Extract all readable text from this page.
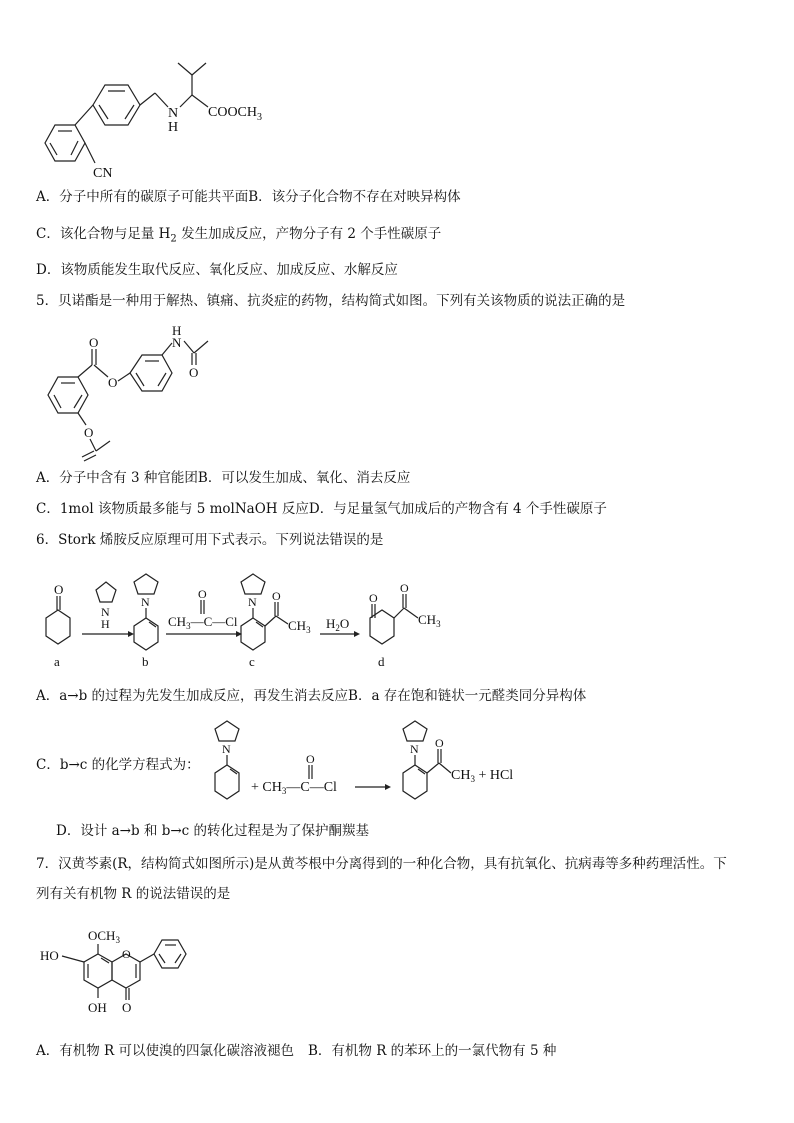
CN
N
H
$COOCH_3$
A．分子中所有的碳原子可能共平面B．该分子化合物不存在对映异构体
C．该化合物与足量 $H_2$ 发生加成反应，产物分子有 2 个手性碳原子
D．该物质能发生取代反应、氧化反应、加成反应、水解反应
5．贝诺酯是一种用于解热、镇痛、抗炎症的药物，结构简式如图。下列有关该物质的说法正确的是
O
O
H
N
O
O
A．分子中含有 3 种官能团B．可以发生加成、氧化、消去反应
C．1mol 该物质最多能与 5 molNaOH 反应D．与足量氢气加成后的产物含有 4 个手性碳原子
6．Stork 烯胺反应原理可用下式表示。下列说法错误的是
O
a
N
H
N
b
$CH_3—C—Cl$
O
N O
$CH_3$
c
$H_2O$
O
O
$CH_3$
d
A．a→b 的过程为先发生加成反应，再发生消去反应B．a 存在饱和链状一元醛类同分异构体
C．b→c 的化学方程式为：
N
+ $CH_3—C—Cl$
O
N O
$CH_3$ + HCl
D．设计 a→b 和 b→c 的转化过程是为了保护酮羰基
7．汉黄芩素(R，结构简式如图所示)是从黄芩根中分离得到的一种化合物，具有抗氧化、抗病毒等多种药理活性。下
列有关有机物 R 的说法错误的是
$OCH_3$
HO
OH
O
O
A．有机物 R 可以使溴的四氯化碳溶液褪色 B．有机物 R 的苯环上的一氯代物有 5 种
